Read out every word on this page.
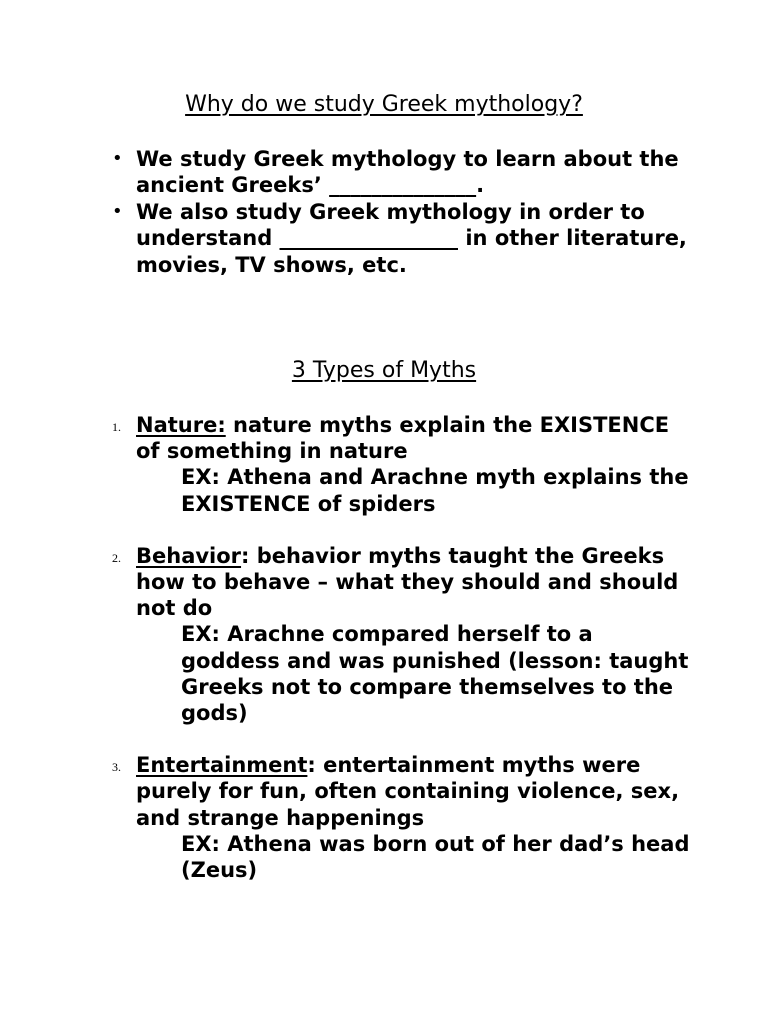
Why do we study Greek mythology?
• We study Greek mythology to learn about the ancient Greeks’ ______________.
• We also study Greek mythology in order to understand _________________ in other literature, movies, TV shows, etc.
3 Types of Myths
1. Nature: nature myths explain the EXISTENCE of something in nature
EX: Athena and Arachne myth explains the EXISTENCE of spiders
2. Behavior: behavior myths taught the Greeks how to behave – what they should and should not do
EX: Arachne compared herself to a goddess and was punished (lesson: taught Greeks not to compare themselves to the gods)
3. Entertainment: entertainment myths were purely for fun, often containing violence, sex, and strange happenings
EX: Athena was born out of her dad’s head (Zeus)
